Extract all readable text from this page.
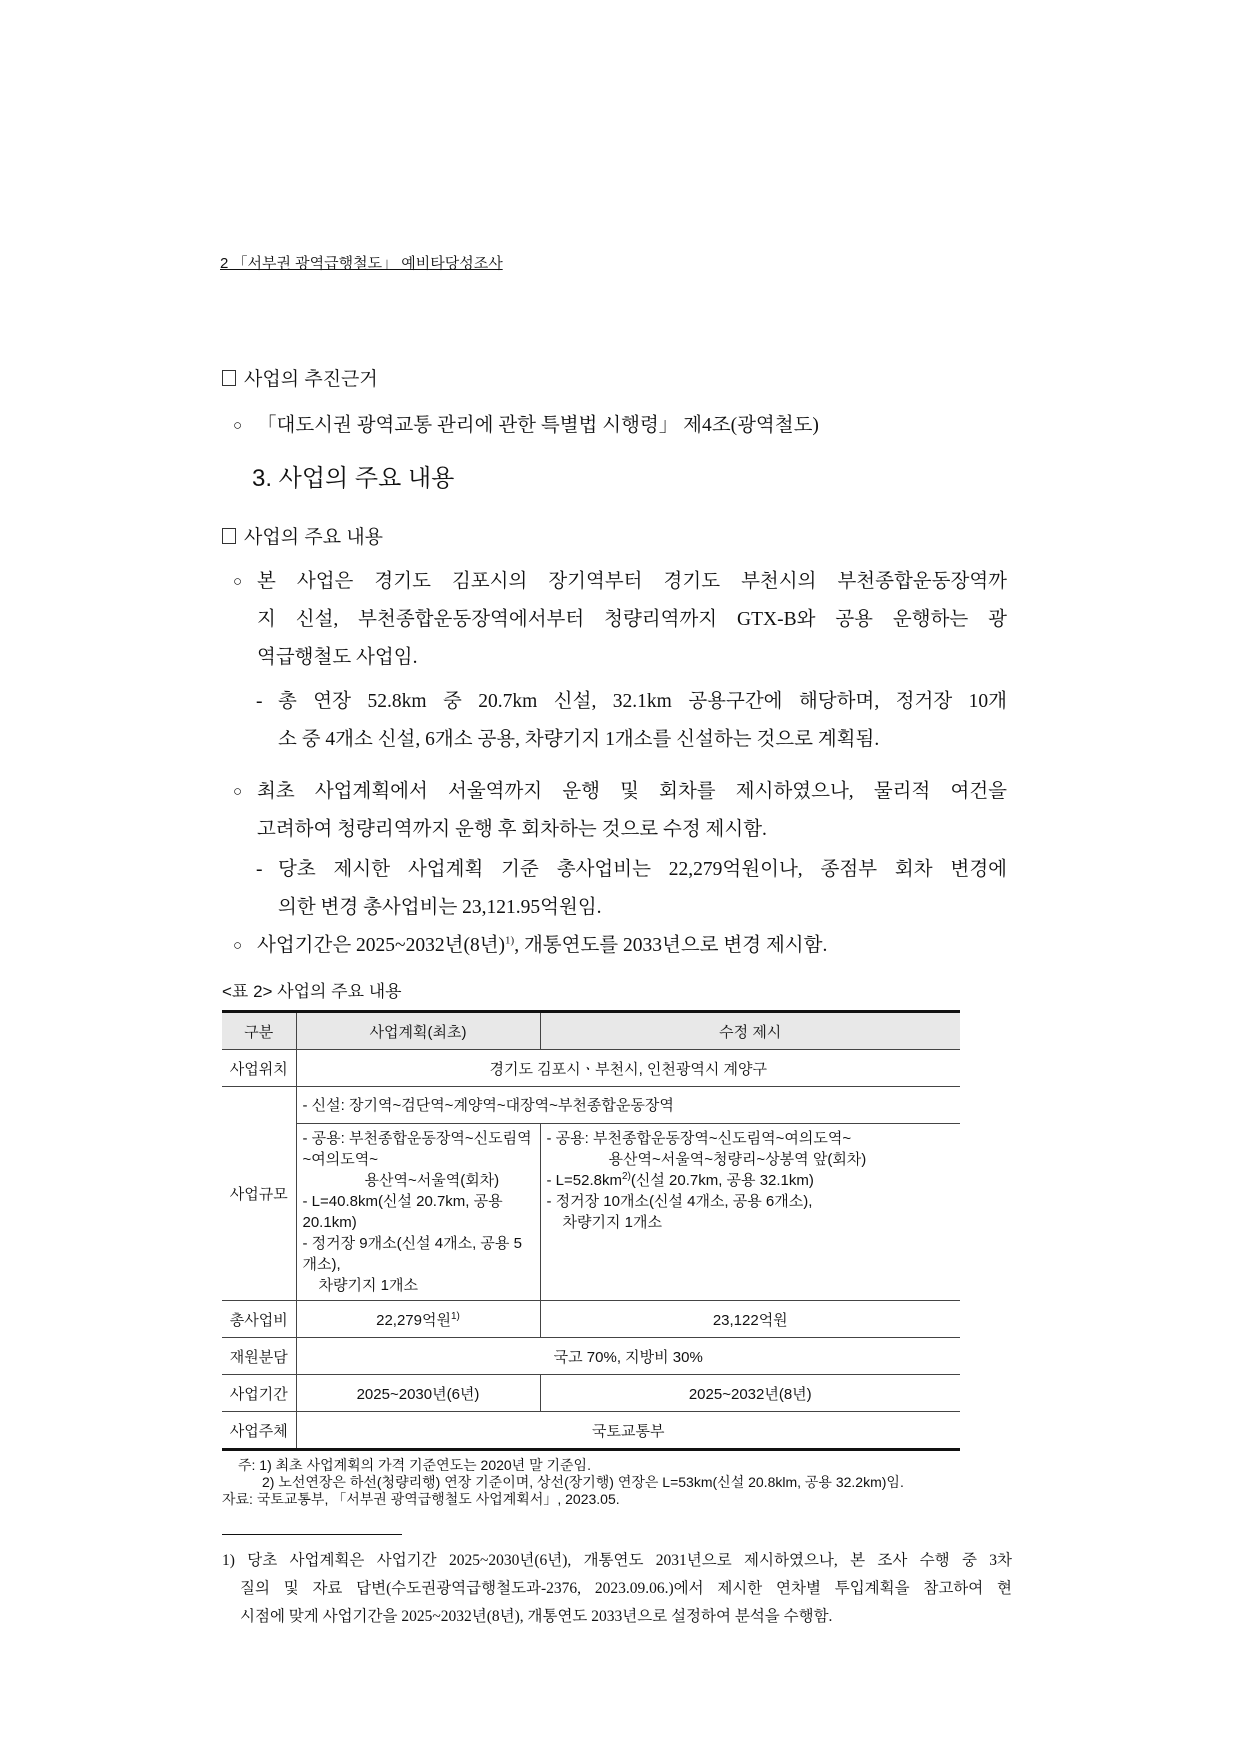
2 「서부권 광역급행철도」 예비타당성조사
사업의 추진근거
○ 「대도시권 광역교통 관리에 관한 특별법 시행령」 제4조(광역철도)
3. 사업의 주요 내용
사업의 주요 내용
○ 본 사업은 경기도 김포시의 장기역부터 경기도 부천시의 부천종합운동장역까
지 신설, 부천종합운동장역에서부터 청량리역까지 GTX-B와 공용 운행하는 광
역급행철도 사업임.
- 총 연장 52.8km 중 20.7km 신설, 32.1km 공용구간에 해당하며, 정거장 10개
소 중 4개소 신설, 6개소 공용, 차량기지 1개소를 신설하는 것으로 계획됨.
○ 최초 사업계획에서 서울역까지 운행 및 회차를 제시하였으나, 물리적 여건을
고려하여 청량리역까지 운행 후 회차하는 것으로 수정 제시함.
- 당초 제시한 사업계획 기준 총사업비는 22,279억원이나, 종점부 회차 변경에
의한 변경 총사업비는 23,121.95억원임.
○ 사업기간은 2025~2032년(8년)$^{1)}$, 개통연도를 2033년으로 변경 제시함.
<표 2> 사업의 주요 내용
구분	사업계획(최초)	수정 제시
사업위치	경기도 김포시ㆍ부천시, 인천광역시 계양구	
사업규모	- 신설: 장기역~검단역~계양역~대장역~부천종합운동장역	

	- 공용: 부천종합운동장역~신도림역~여의도역~
용산역~서울역(회차)
- L=40.8km(신설 20.7km, 공용 20.1km)
- 정거장 9개소(신설 4개소, 공용 5개소),
차량기지 1개소	- 공용: 부천종합운동장역~신도림역~여의도역~
용산역~서울역~청량리~상봉역 앞(회차)
- $L=52.8km^{2)}$(신설 20.7km, 공용 32.1km)
- 정거장 10개소(신설 4개소, 공용 6개소),
차량기지 1개소

총사업비	22,279억원$^{1)}$	23,122억원
재원분담	국고 70%, 지방비 30%	
사업기간	2025~2030년(6년)	2025~2032년(8년)
사업주체	국토교통부	
주: 1) 최초 사업계획의 가격 기준연도는 2020년 말 기준임.
2) 노선연장은 하선(청량리행) 연장 기준이며, 상선(장기행) 연장은 L=53km(신설 20.8klm, 공용 32.2km)임.
자료: 국토교통부, 「서부권 광역급행철도 사업계획서」, 2023.05.
1) 당초 사업계획은 사업기간 2025~2030년(6년), 개통연도 2031년으로 제시하였으나, 본 조사 수행 중 3차
질의 및 자료 답변(수도권광역급행철도과-2376, 2023.09.06.)에서 제시한 연차별 투입계획을 참고하여 현
시점에 맞게 사업기간을 2025~2032년(8년), 개통연도 2033년으로 설정하여 분석을 수행함.
